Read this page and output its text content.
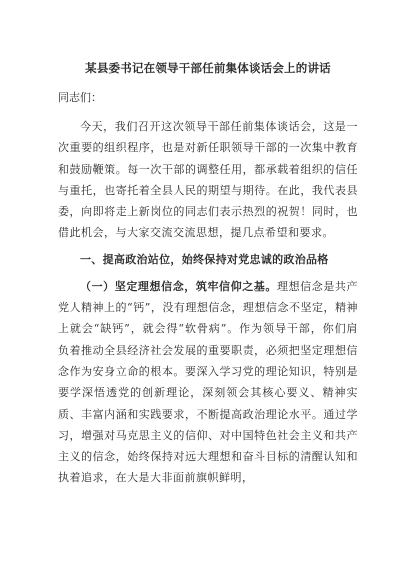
某县委书记在领导干部任前集体谈话会上的讲话
同志们：

今天，我们召开这次领导干部任前集体谈话会，这是一次重要的组织程序，也是对新任职领导干部的一次集中教育和鼓励鞭策。每一次干部的调整任用，都承载着组织的信任与重托，也寄托着全县人民的期望与期待。在此，我代表县委，向即将走上新岗位的同志们表示热烈的祝贺！同时，也借此机会，与大家交流交流思想，提几点希望和要求。

一、提高政治站位，始终保持对党忠诚的政治品格

（一）坚定理想信念，筑牢信仰之基。理想信念是共产党人精神上的“钙”，没有理想信念，理想信念不坚定，精神上就会“缺钙”，就会得“软骨病”。作为领导干部，你们肩负着推动全县经济社会发展的重要职责，必须把坚定理想信念作为安身立命的根本。要深入学习党的理论知识，特别是要学深悟透党的创新理论，深刻领会其核心要义、精神实质、丰富内涵和实践要求，不断提高政治理论水平。通过学习，增强对马克思主义的信仰、对中国特色社会主义和共产主义的信念，始终保持对远大理想和奋斗目标的清醒认知和执着追求，在大是大非面前旗帜鲜明，
